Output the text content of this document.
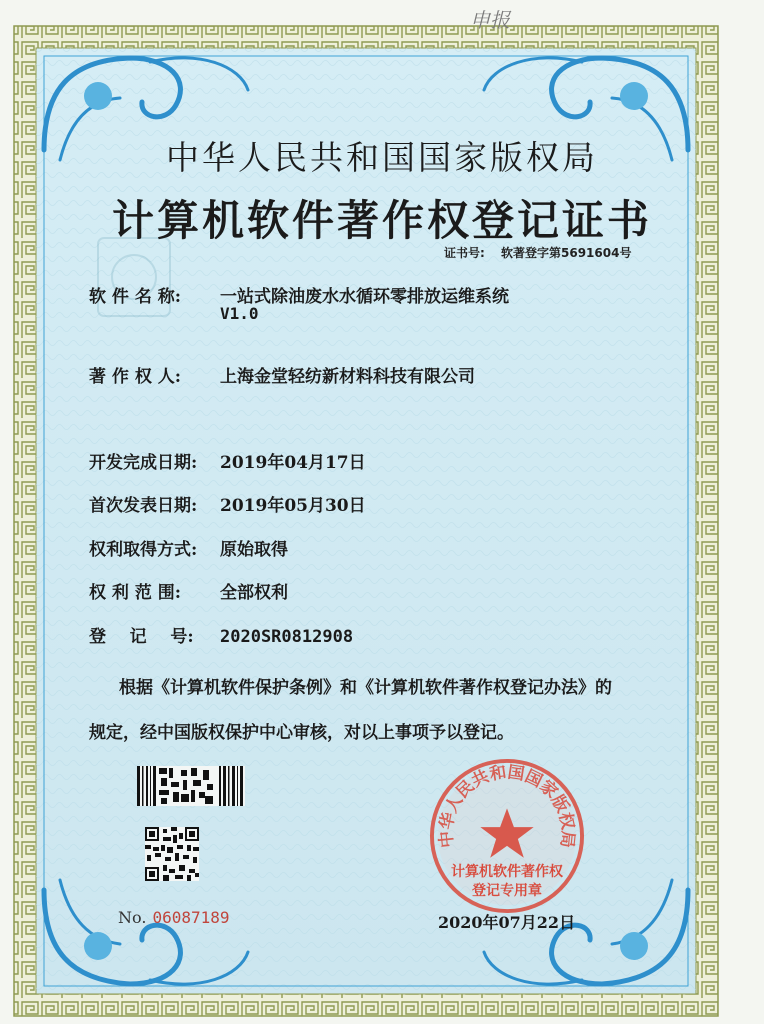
申报
中华人民共和国国家版权局
计算机软件著作权登记证书
证书号: 软著登字第5691604号
软 件 名 称: 一站式除油废水水循环零排放运维系统
V1.0
著 作 权 人: 上海金堂轻纺新材料科技有限公司
开发完成日期: 2019年04月17日
首次发表日期: 2019年05月30日
权利取得方式: 原始取得
权 利 范 围: 全部权利
登    记    号: 2020SR0812908
根据《计算机软件保护条例》和《计算机软件著作权登记办法》的
规定，经中国版权保护中心审核，对以上事项予以登记。
No. 06087189
中华人民共和国国家版权局
计算机软件著作权
登记专用章
2020年07月22日
